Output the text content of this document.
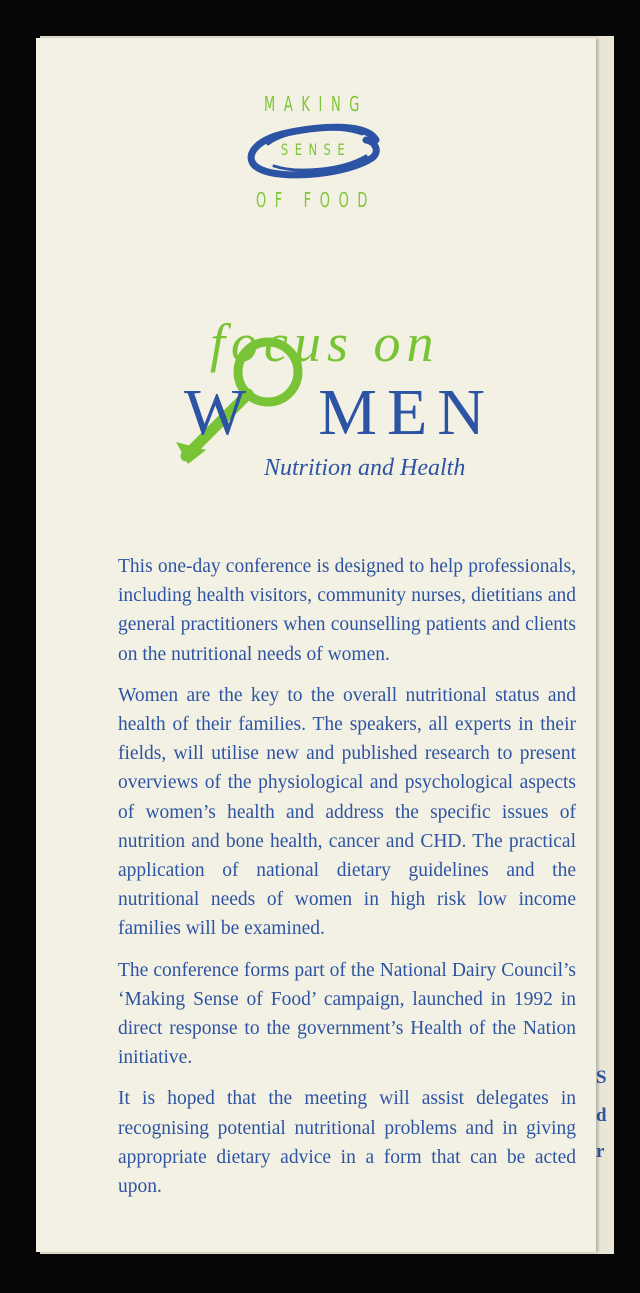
S
d
r
MAKING
SENSE
OF FOOD
focus on
W MEN
Nutrition and Health

This one-day conference is designed to help professionals, including health visitors, community nurses, dietitians and general practitioners when counselling patients and clients on the nutritional needs of women.

Women are the key to the overall nutritional status and health of their families. The speakers, all experts in their fields, will utilise new and published research to present overviews of the physiological and psychological aspects of women’s health and address the specific issues of nutrition and bone health, cancer and CHD. The practical application of national dietary guidelines and the nutritional needs of women in high risk low income families will be examined.

The conference forms part of the National Dairy Council’s ‘Making Sense of Food’ campaign, launched in 1992 in direct response to the government’s Health of the Nation initiative.

It is hoped that the meeting will assist delegates in recognising potential nutritional problems and in giving appropriate dietary advice in a form that can be acted upon.
